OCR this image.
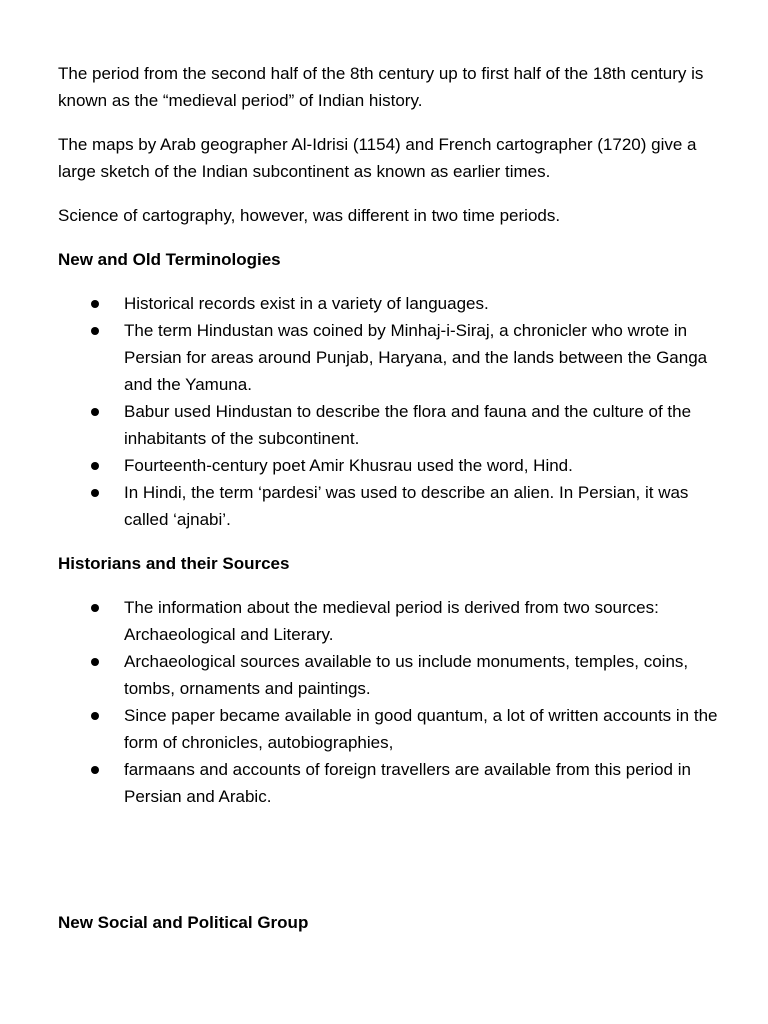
The period from the second half of the 8th century up to first half of the 18th century is known as the “medieval period” of Indian history.

The maps by Arab geographer Al-Idrisi (1154) and French cartographer (1720) give a large sketch of the Indian subcontinent as known as earlier times.

Science of cartography, however, was different in two time periods.

New and Old Terminologies

Historical records exist in a variety of languages.
The term Hindustan was coined by Minhaj-i-Siraj, a chronicler who wrote in Persian for areas around Punjab, Haryana, and the lands between the Ganga and the Yamuna.
Babur used Hindustan to describe the flora and fauna and the culture of the inhabitants of the subcontinent.
Fourteenth-century poet Amir Khusrau used the word, Hind.
In Hindi, the term ‘pardesi’ was used to describe an alien. In Persian, it was called ‘ajnabi’.

Historians and their Sources

The information about the medieval period is derived from two sources: Archaeological and Literary.
Archaeological sources available to us include monuments, temples, coins, tombs, ornaments and paintings.
Since paper became available in good quantum, a lot of written accounts in the form of chronicles, autobiographies,
farmaans and accounts of foreign travellers are available from this period in Persian and Arabic.

New Social and Political Group
